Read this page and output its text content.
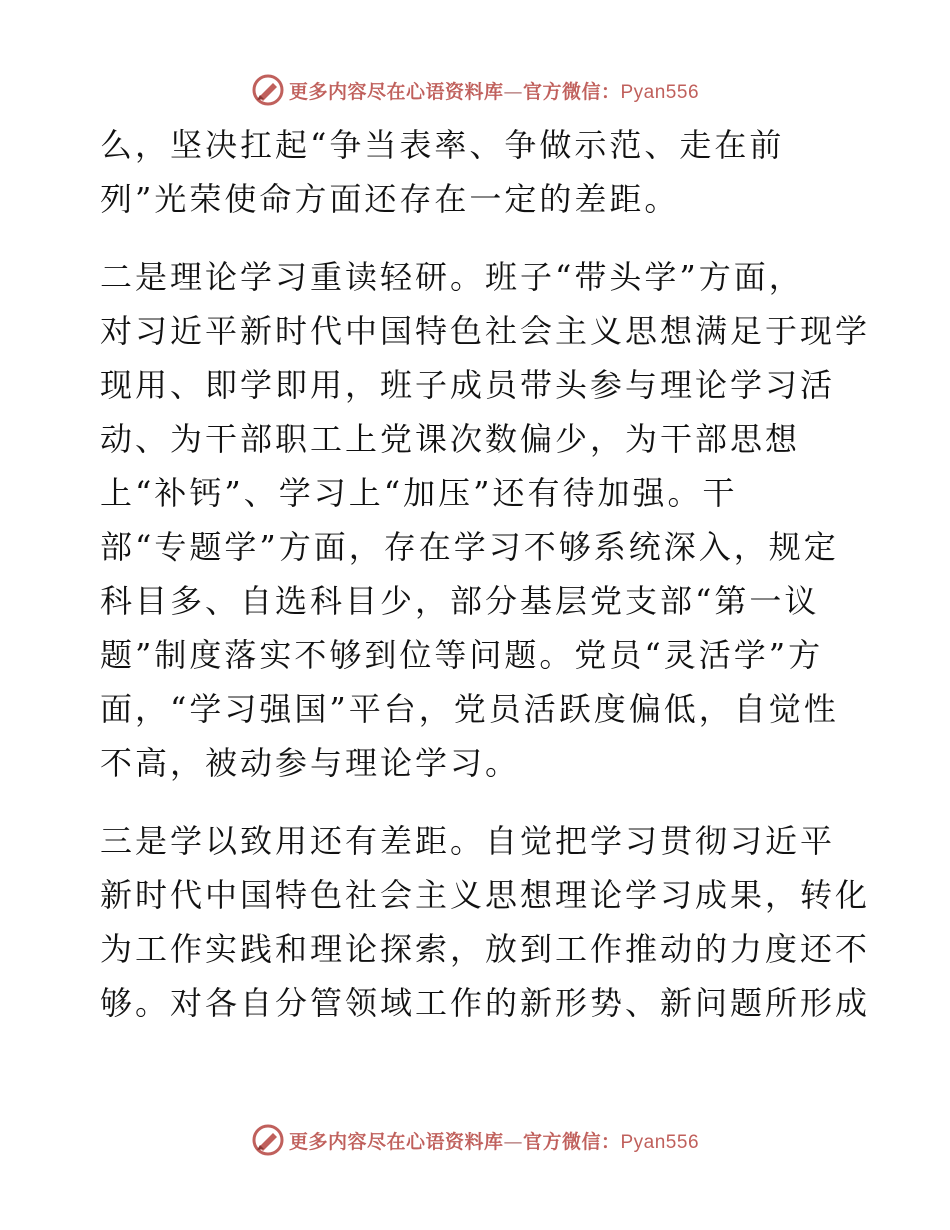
更多内容尽在心语资料库—官方微信：Pyan556
么，坚决扛起“争当表率、争做示范、走在前
列”光荣使命方面还存在一定的差距。
二是理论学习重读轻研。班子“带头学”方面，
对习近平新时代中国特色社会主义思想满足于现学
现用、即学即用，班子成员带头参与理论学习活
动、为干部职工上党课次数偏少，为干部思想
上“补钙”、学习上“加压”还有待加强。干
部“专题学”方面，存在学习不够系统深入，规定
科目多、自选科目少，部分基层党支部“第一议
题”制度落实不够到位等问题。党员“灵活学”方
面，“学习强国”平台，党员活跃度偏低，自觉性
不高，被动参与理论学习。
三是学以致用还有差距。自觉把学习贯彻习近平
新时代中国特色社会主义思想理论学习成果，转化
为工作实践和理论探索，放到工作推动的力度还不
够。对各自分管领域工作的新形势、新问题所形成
更多内容尽在心语资料库—官方微信：Pyan556
